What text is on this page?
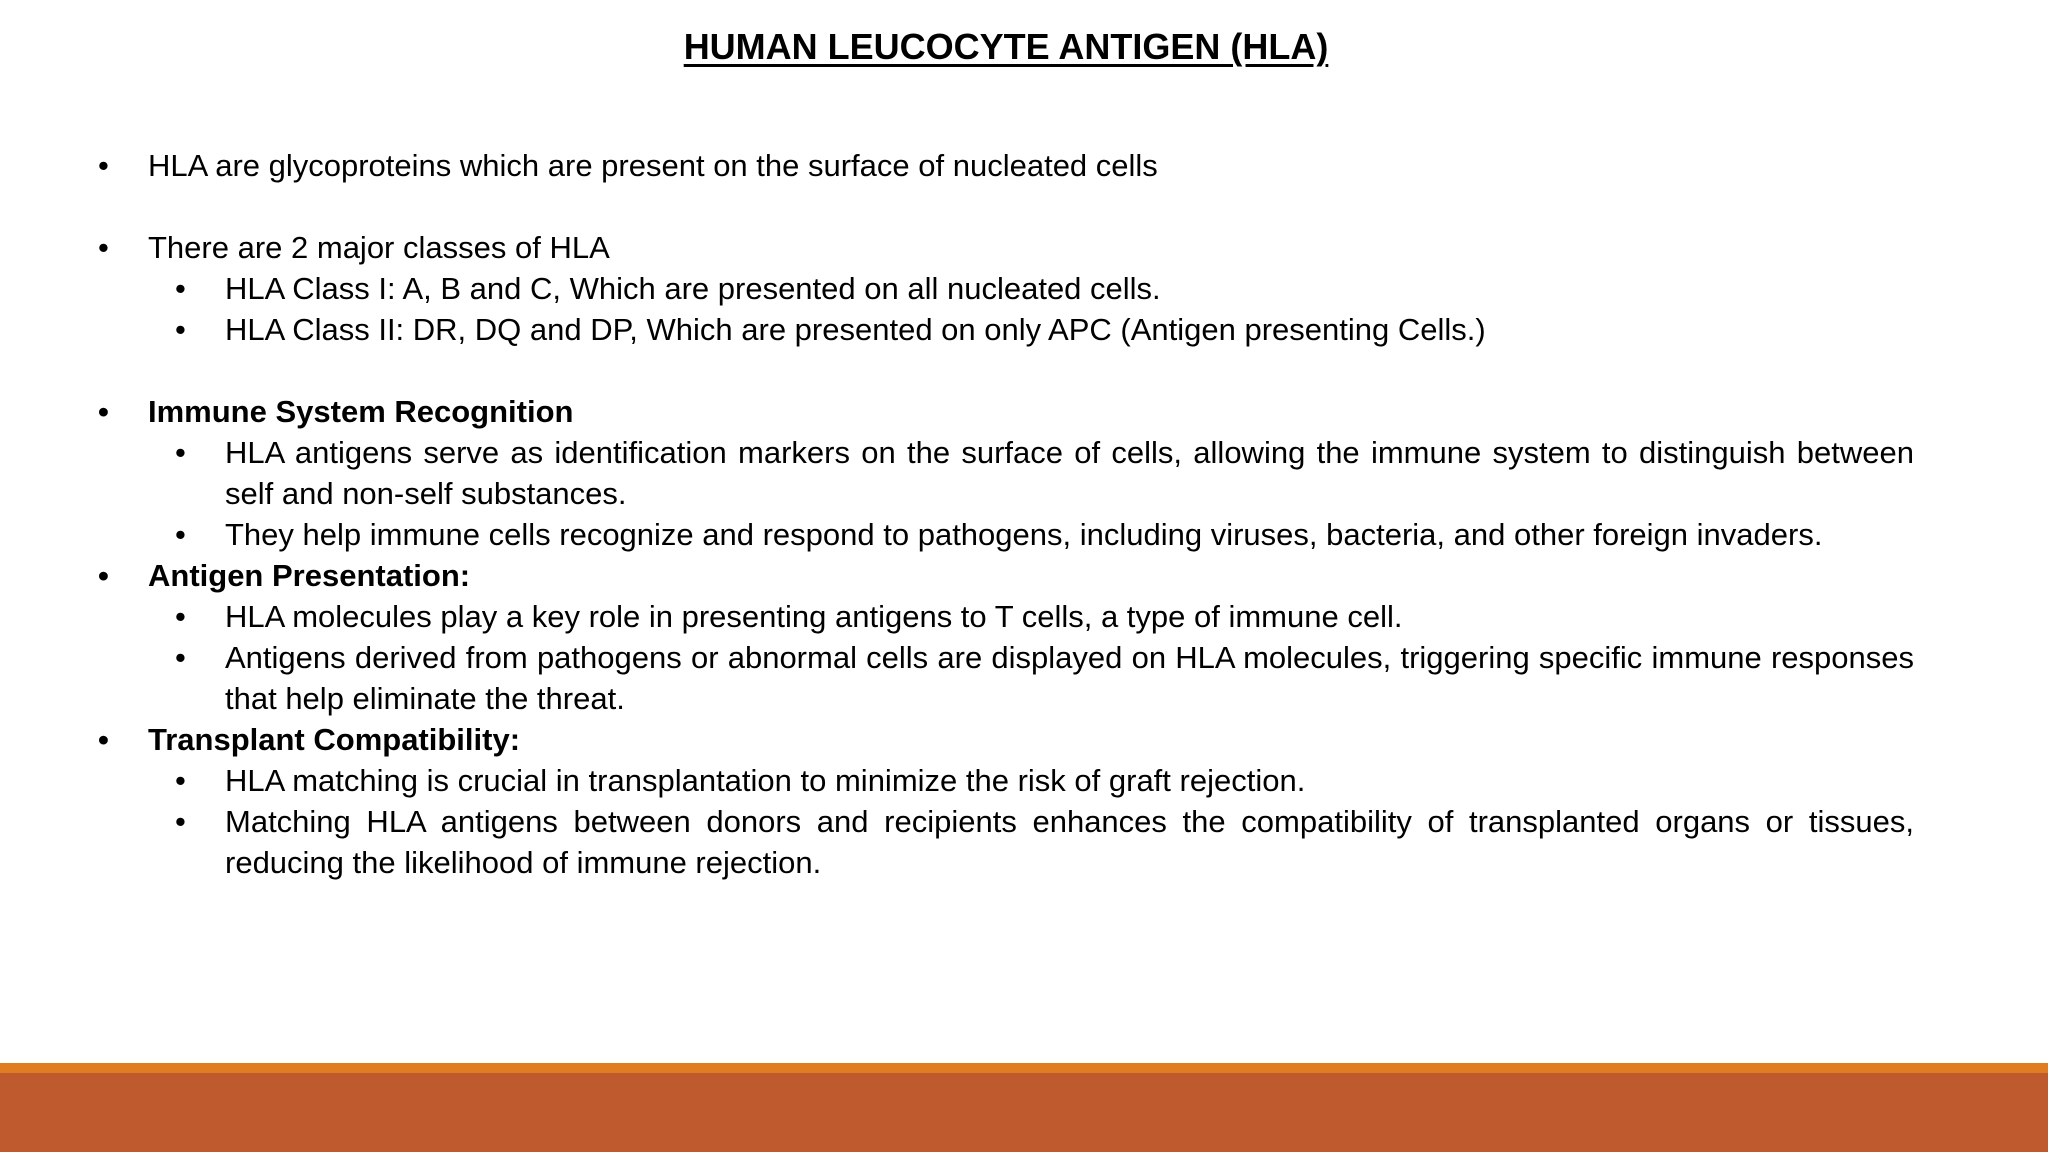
HUMAN LEUCOCYTE ANTIGEN (HLA)
• HLA are glycoproteins which are present on the surface of nucleated cells
• There are 2 major classes of HLA
• HLA Class I: A, B and C, Which are presented on all nucleated cells.
• HLA Class II: DR, DQ and DP, Which are presented on only APC (Antigen presenting Cells.)
• Immune System Recognition
• HLA antigens serve as identification markers on the surface of cells, allowing the immune system to distinguish between self and non-self substances.
• They help immune cells recognize and respond to pathogens, including viruses, bacteria, and other foreign invaders.
• Antigen Presentation:
• HLA molecules play a key role in presenting antigens to T cells, a type of immune cell.
• Antigens derived from pathogens or abnormal cells are displayed on HLA molecules, triggering specific immune responses that help eliminate the threat.
• Transplant Compatibility:
• HLA matching is crucial in transplantation to minimize the risk of graft rejection.
• Matching HLA antigens between donors and recipients enhances the compatibility of transplanted organs or tissues, reducing the likelihood of immune rejection.
